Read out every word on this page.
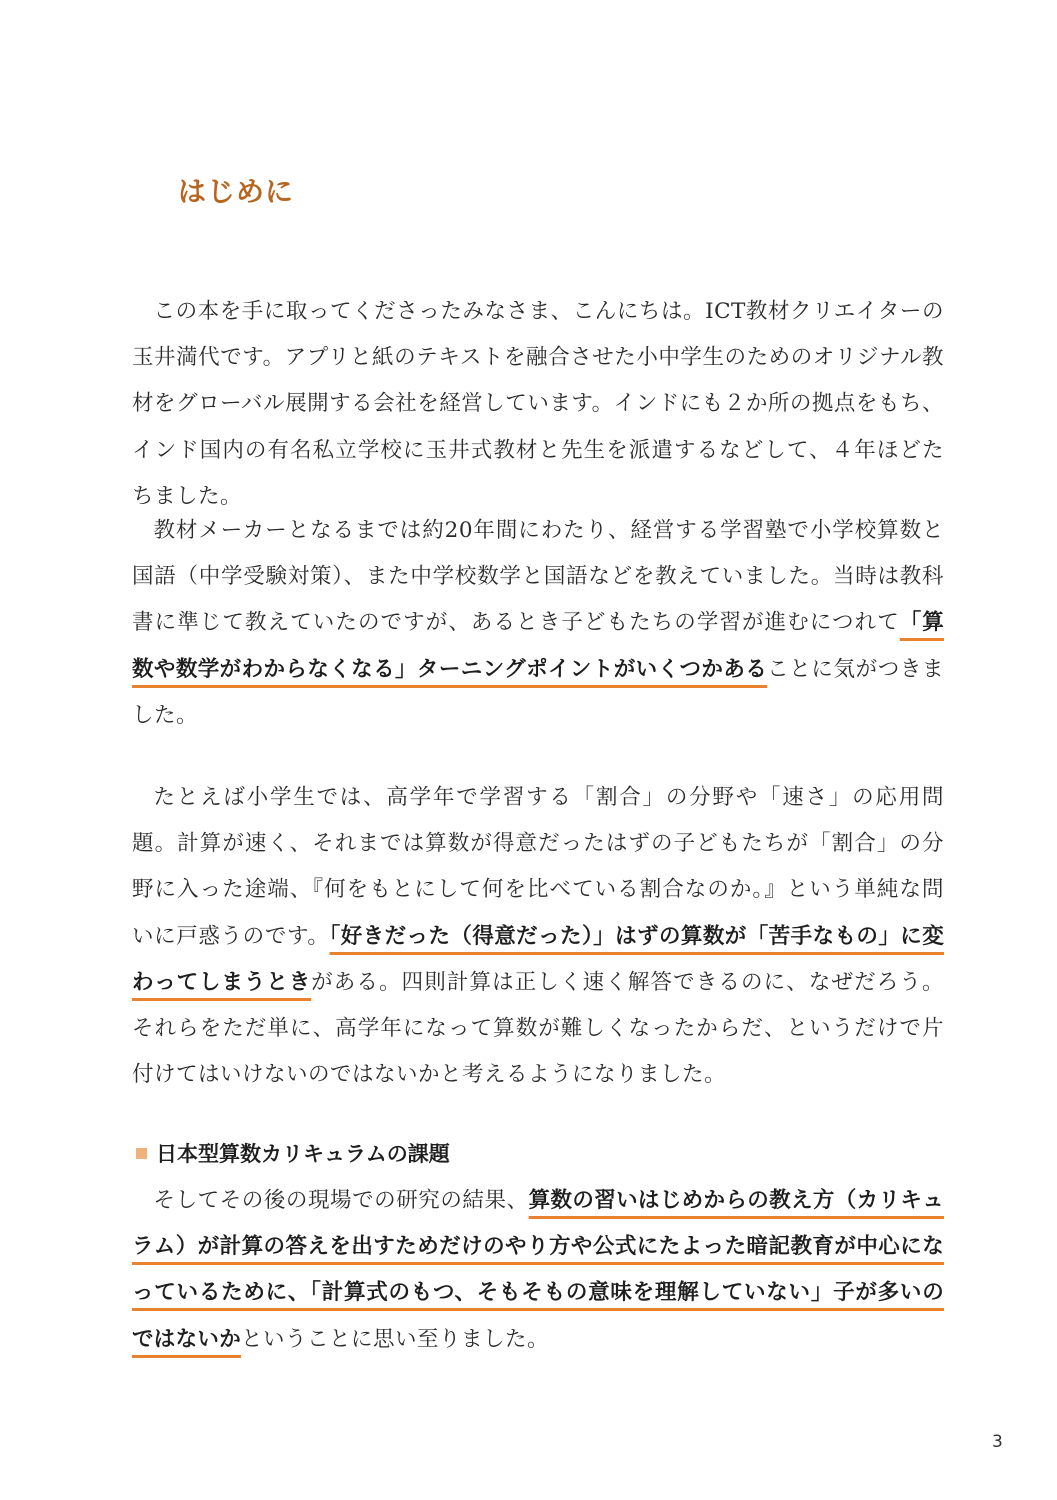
はじめに

この本を手に取ってくださったみなさま、こんにちは。ICT教材クリエイターの玉井満代です。アプリと紙のテキストを融合させた小中学生のためのオリジナル教材をグローバル展開する会社を経営しています。インドにも２か所の拠点をもち、インド国内の有名私立学校に玉井式教材と先生を派遣するなどして、４年ほどたちました。

教材メーカーとなるまでは約20年間にわたり、経営する学習塾で小学校算数と国語（中学受験対策）、また中学校数学と国語などを教えていました。当時は教科書に準じて教えていたのですが、あるとき子どもたちの学習が進むにつれて「算数や数学がわからなくなる」ターニングポイントがいくつかあることに気がつきました。

たとえば小学生では、高学年で学習する「割合」の分野や「速さ」の応用問題。計算が速く、それまでは算数が得意だったはずの子どもたちが「割合」の分野に入った途端、『何をもとにして何を比べている割合なのか。』という単純な問いに戸惑うのです。「好きだった（得意だった）」はずの算数が「苦手なもの」に変わってしまうときがある。四則計算は正しく速く解答できるのに、なぜだろう。それらをただ単に、高学年になって算数が難しくなったからだ、というだけで片付けてはいけないのではないかと考えるようになりました。

日本型算数カリキュラムの課題

そしてその後の現場での研究の結果、算数の習いはじめからの教え方（カリキュラム）が計算の答えを出すためだけのやり方や公式にたよった暗記教育が中心になっているために、「計算式のもつ、そもそもの意味を理解していない」子が多いのではないかということに思い至りました。

3
